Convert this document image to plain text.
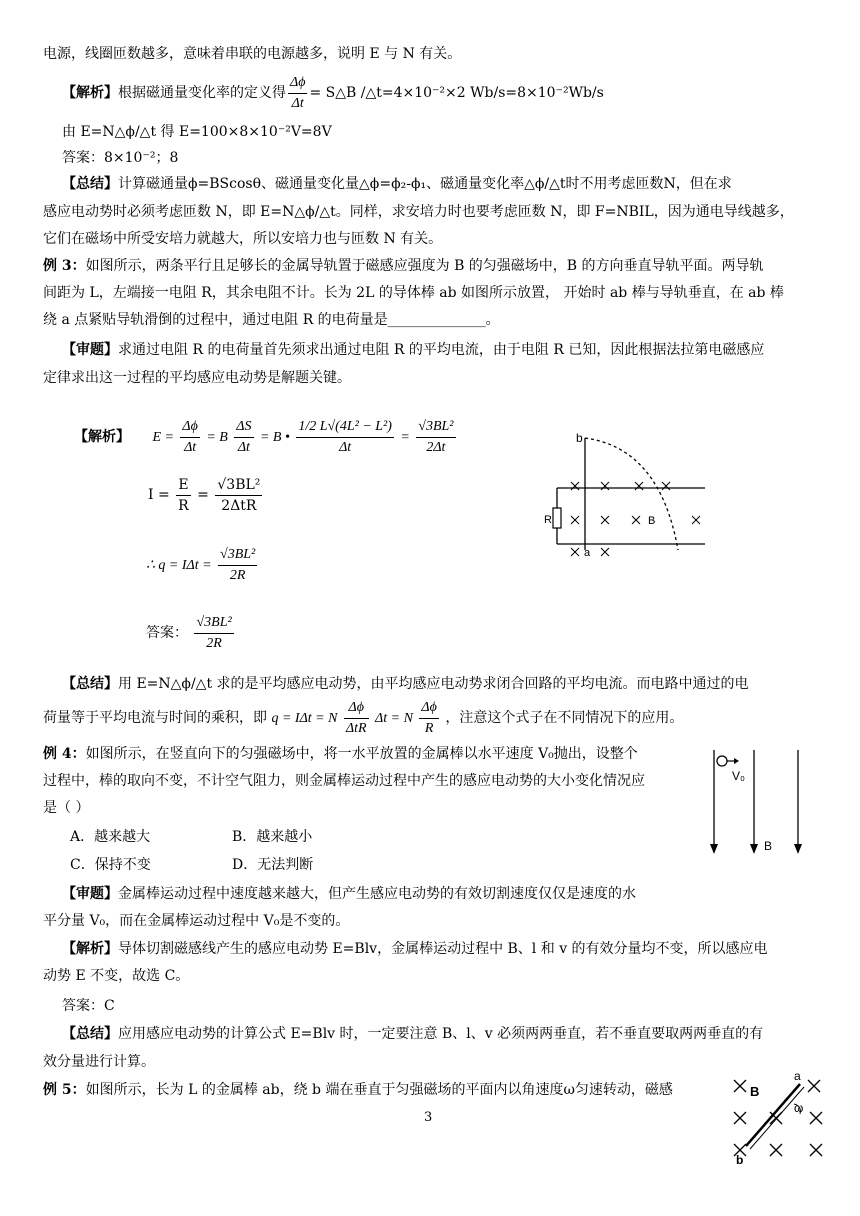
电源，线圈匝数越多，意味着串联的电源越多，说明 E 与 N 有关。
【解析】根据磁通量变化率的定义得 $\frac{\Delta\phi}{\Delta t}$ = S△B /△t=4×10⁻²×2 Wb/s=8×10⁻²Wb/s
由 E=N△ϕ/△t 得 E=100×8×10⁻²V=8V
答案：8×10⁻²；8
【总结】计算磁通量ϕ=BScosθ、磁通量变化量△ϕ=ϕ₂-ϕ₁、磁通量变化率△ϕ/△t时不用考虑匝数N，但在求
感应电动势时必须考虑匝数 N，即 E=N△ϕ/△t。同样，求安培力时也要考虑匝数 N，即 F=NBIL，因为通电导线越多，
它们在磁场中所受安培力就越大，所以安培力也与匝数 N 有关。
例 3：如图所示，两条平行且足够长的金属导轨置于磁感应强度为 B 的匀强磁场中，B 的方向垂直导轨平面。两导轨
间距为 L，左端接一电阻 R，其余电阻不计。长为 2L 的导体棒 ab 如图所示放置， 开始时 ab 棒与导轨垂直，在 ab 棒
绕 a 点紧贴导轨滑倒的过程中，通过电阻 R 的电荷量是______________。
【审题】求通过电阻 R 的电荷量首先须求出通过电阻 R 的平均电流，由于电阻 R 已知，因此根据法拉第电磁感应
定律求出这一过程的平均感应电动势是解题关键。
【解析】 $E = \frac{\Delta\phi}{\Delta t} = B \frac{\Delta S}{\Delta t} = B$ • $\frac{\text{1/2 L√(4L² − L²)}}{\Delta t} = \frac{\text{√3BL²}}{2\Delta t}$
$I = \frac{E}{R}$ =
√3BL²
2ΔtR
∴ $q = I\Delta t = \frac{\text{√3BL²}}{2R}$
答案： $\frac{\text{√3BL²}}{2R}$
b
R	B
a
【总结】用 E=N△ϕ/△t 求的是平均感应电动势，由平均感应电动势求闭合回路的平均电流。而电路中通过的电
荷量等于平均电流与时间的乘积，即 q = IΔt = N
Δϕ
ΔtR
Δt = N $\frac{\Delta\phi}{R}$ ，注意这个式子在不同情况下的应用。
例 4：如图所示，在竖直向下的匀强磁场中，将一水平放置的金属棒以水平速度 V₀抛出，设整个
过程中，棒的取向不变，不计空气阻力，则金属棒运动过程中产生的感应电动势的大小变化情况应
是（ ）
A．越来越大	B．越来越小
C．保持不变	D．无法判断
V₀
B
【审题】金属棒运动过程中速度越来越大，但产生感应电动势的有效切割速度仅仅是速度的水
平分量 V₀，而在金属棒运动过程中 V₀是不变的。
【解析】导体切割磁感线产生的感应电动势 E=Blv，金属棒运动过程中 B、l 和 v 的有效分量均不变，所以感应电
动势 E 不变，故选 C。
答案：C
【总结】应用感应电动势的计算公式 E=Blv 时，一定要注意 B、l、v 必须两两垂直，若不垂直要取两两垂直的有
效分量进行计算。
例 5：如图所示，长为 L 的金属棒 ab，绕 b 端在垂直于匀强磁场的平面内以角速度ω匀速转动，磁感
3
B
a
ω
b
